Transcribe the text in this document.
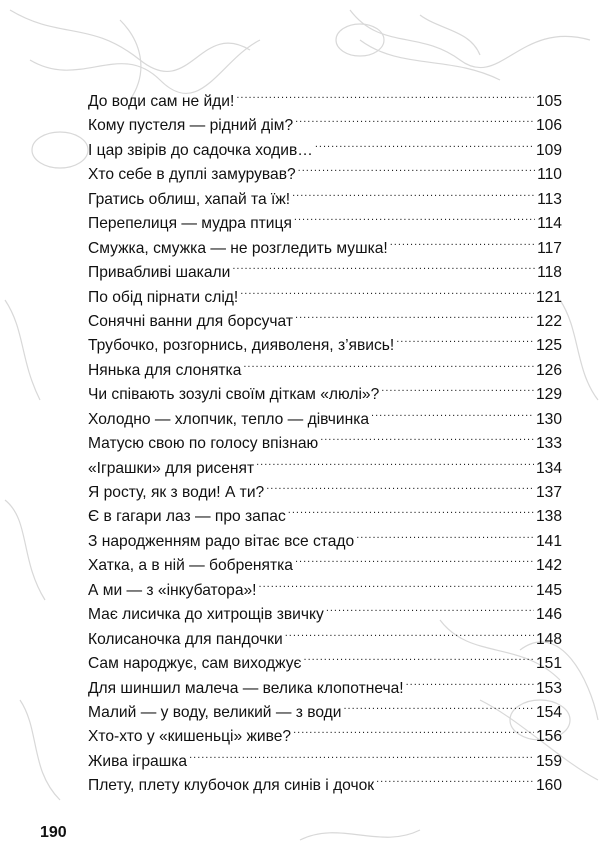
До води сам не йди! .....	105
Кому пустеля — рідний дім? .....	106
І цар звірів до садочка ходив… .....	109
Хто себе в дуплі замурував? .....	110
Гратись облиш, хапай та їж! .....	113
Перепелиця — мудра птиця .....	114
Смужка, смужка — не розгледить мушка! .....	117
Привабливі шакали .....	118
По обід пірнати слід! .....	121
Сонячні ванни для борсучат .....	122
Трубочко, розгорнись, дияволеня, з’явись! .....	125
Нянька для слонятка .....	126
Чи співають зозулі своїм діткам «люлі»? .....	129
Холодно — хлопчик, тепло — дівчинка .....	130
Матусю свою по голосу впізнаю .....	133
«Іграшки» для рисенят .....	134
Я росту, як з води! А ти? .....	137
Є в гагари лаз — про запас .....	138
З народженням радо вітає все стадо .....	141
Хатка, а в ній — бобренятка .....	142
А ми — з «інкубатора»! .....	145
Має лисичка до хитрощів звичку .....	146
Колисаночка для пандочки .....	148
Сам народжує, сам виходжує .....	151
Для шиншил малеча — велика клопотнеча! .....	153
Малий — у воду, великий — з води .....	154
Хто-хто у «кишеньці» живе? .....	156
Жива іграшка .....	159
Плету, плету клубочок для синів і дочок .....	160
190
